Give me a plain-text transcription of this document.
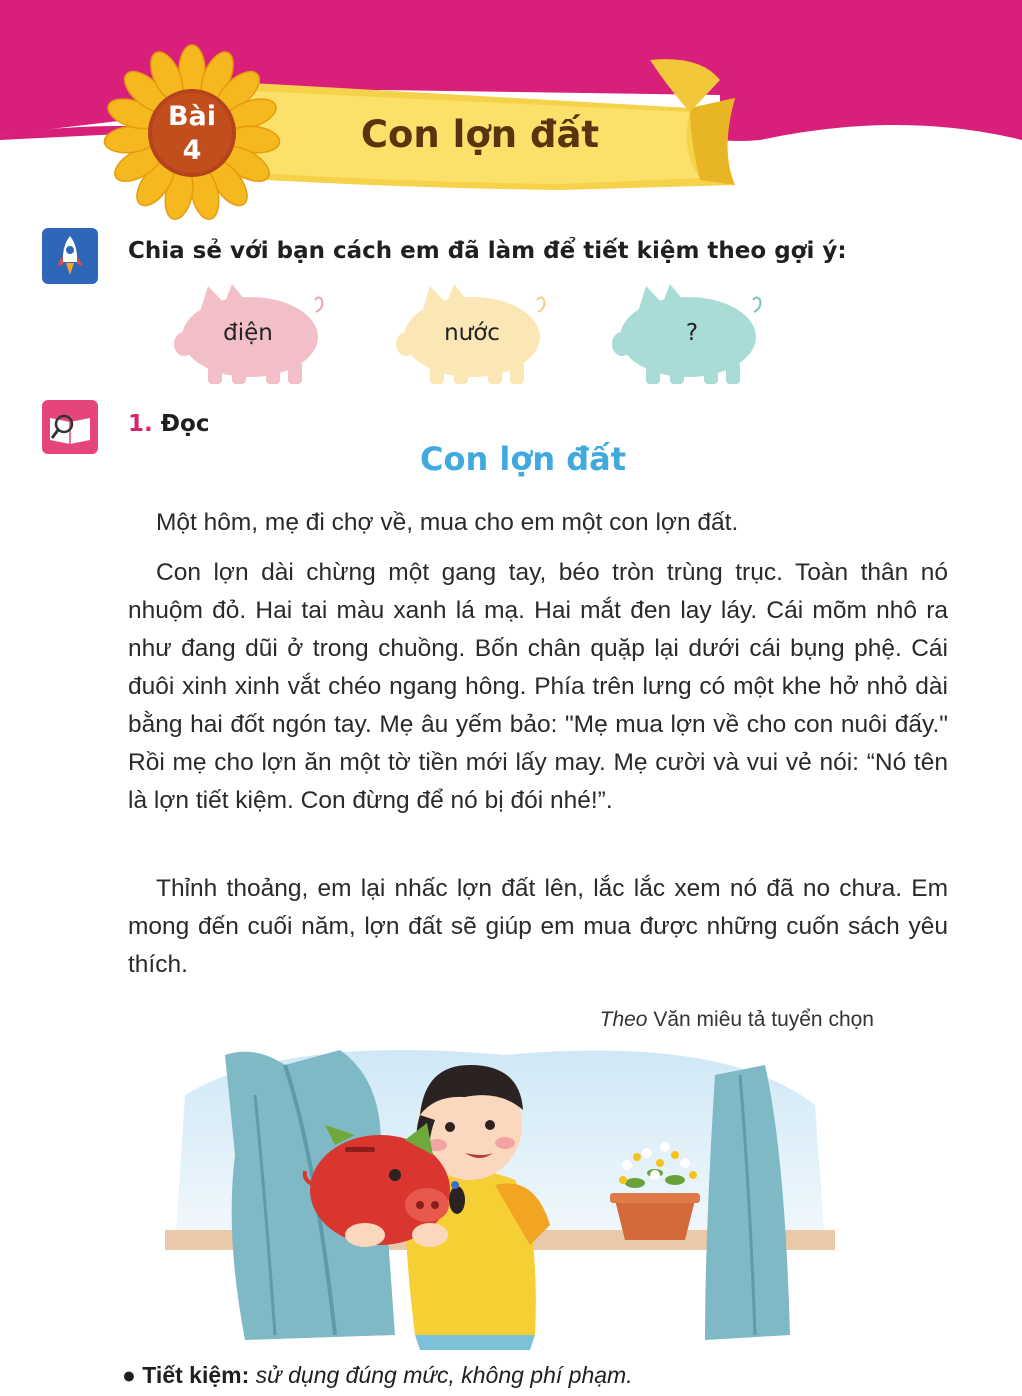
Bài
4	Con lợn đất
Chia sẻ với bạn cách em đã làm để tiết kiệm theo gợi ý:
điện	nước	?
1. Đọc
Con lợn đất

Một hôm, mẹ đi chợ về, mua cho em một con lợn đất.

Con lợn dài chừng một gang tay, béo tròn trùng trục. Toàn thân nó nhuộm đỏ. Hai tai màu xanh lá mạ. Hai mắt đen lay láy. Cái mõm nhô ra như đang dũi ở trong chuồng. Bốn chân quặp lại dưới cái bụng phệ. Cái đuôi xinh xinh vắt chéo ngang hông. Phía trên lưng có một khe hở nhỏ dài bằng hai đốt ngón tay. Mẹ âu yếm bảo: "Mẹ mua lợn về cho con nuôi đấy." Rồi mẹ cho lợn ăn một tờ tiền mới lấy may. Mẹ cười và vui vẻ nói: “Nó tên là lợn tiết kiệm. Con đừng để nó bị đói nhé!”.

Thỉnh thoảng, em lại nhấc lợn đất lên, lắc lắc xem nó đã no chưa. Em mong đến cuối năm, lợn đất sẽ giúp em mua được những cuốn sách yêu thích.

Theo Văn miêu tả tuyển chọn
● Tiết kiệm: sử dụng đúng mức, không phí phạm.
